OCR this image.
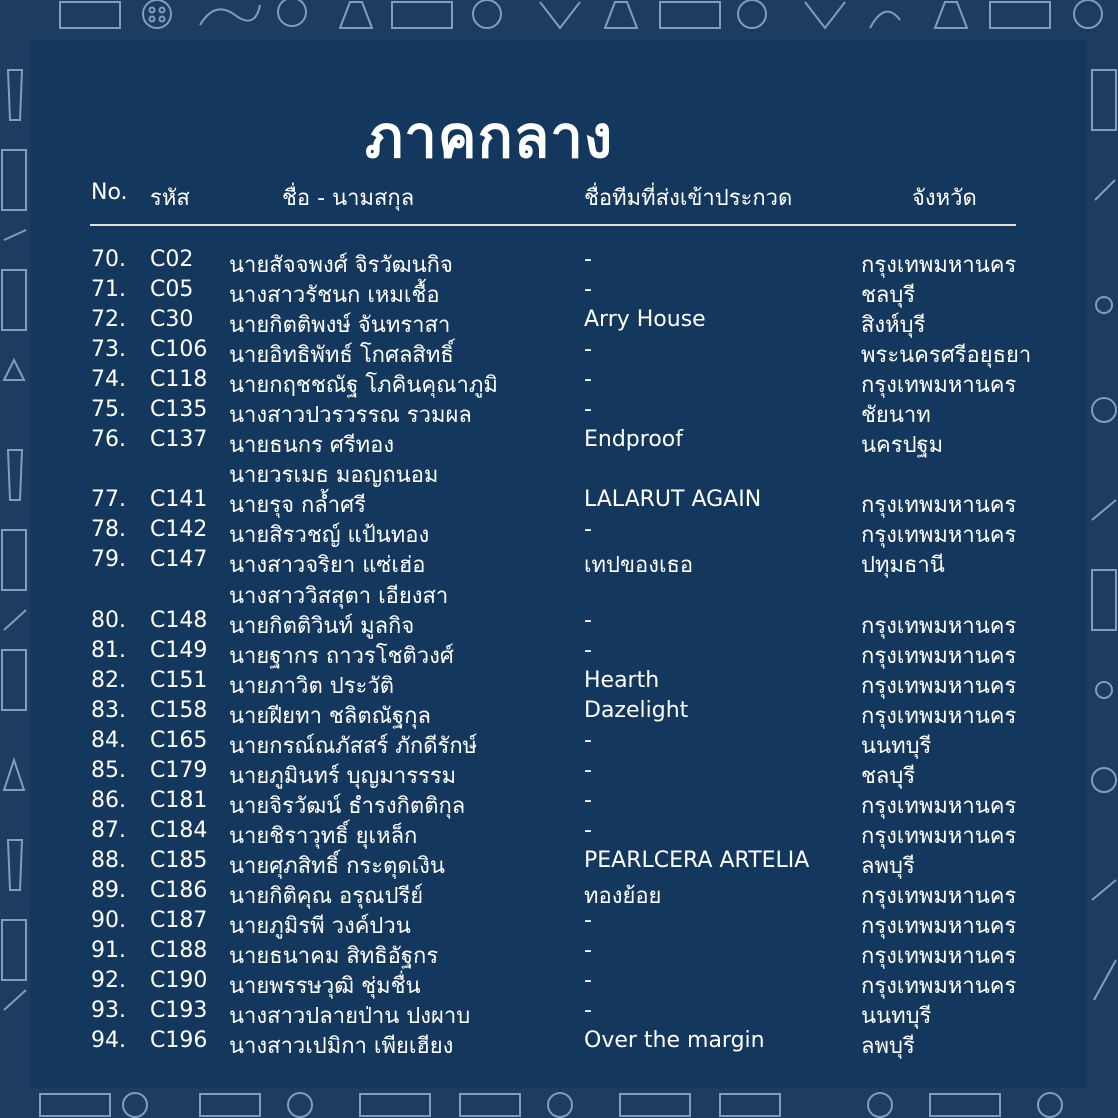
ภาคกลาง
No. รหัส	ชื่อ - นามสกุล	ชื่อทีมที่ส่งเข้าประกวด	จังหวัด
70. C02 นายสัจจพงศ์ จิรวัฒนกิจ	-	กรุงเทพมหานคร
71. C05 นางสาวรัชนก เหมเชื้อ	-	ชลบุรี
72. C30 นายกิตติพงษ์ จันทราสา	Arry House	สิงห์บุรี
73. C106 นายอิทธิพัทธ์ โกศลสิทธิ์	-	พระนครศรีอยุธยา
74. C118 นายกฤชชณัฐ โภคินคุณาภูมิ	-	กรุงเทพมหานคร
75. C135 นางสาวปวรวรรณ รวมผล	-	ชัยนาท
76. C137 นายธนกร ศรีทอง	Endproof	นครปฐม
นายวรเมธ มอญถนอม
77. C141 นายรุจ กล้ำศรี	LALARUT AGAIN	กรุงเทพมหานคร
78. C142 นายสิรวชญ์ แป้นทอง	-	กรุงเทพมหานคร
79. C147 นางสาวจริยา แซ่เฮ่อ	เทปของเธอ	ปทุมธานี
นางสาววิสสุตา เอียงสา
80. C148 นายกิตติวินท์ มูลกิจ	-	กรุงเทพมหานคร
81. C149 นายฐากร ถาวรโชติวงศ์	-	กรุงเทพมหานคร
82. C151 นายภาวิต ประวัติ	Hearth	กรุงเทพมหานคร
83. C158 นายฝียทา ชลิตณัฐกุล	Dazelight	กรุงเทพมหานคร
84. C165 นายกรณ์ณภัสสร์ ภักดีรักษ์	-	นนทบุรี
85. C179 นายภูมินทร์ บุญมารรรม	-	ชลบุรี
86. C181 นายจิรวัฒน์ ธำรงกิตติกุล	-	กรุงเทพมหานคร
87. C184 นายชิราวุทธิ์ ยุเหล็ก	-	กรุงเทพมหานคร
88. C185 นายศุภสิทธิ์ กระตุดเงิน	PEARLCERA ARTELIA ลพบุรี
89. C186 นายกิติคุณ อรุณปรีย์	ทองย้อย	กรุงเทพมหานคร
90. C187 นายภูมิรพี วงค์ปวน	-	กรุงเทพมหานคร
91. C188 นายธนาคม สิทธิอัฐกร	-	กรุงเทพมหานคร
92. C190 นายพรรษวุฒิ ชุ่มชื่น	-	กรุงเทพมหานคร
93. C193 นางสาวปลายป่าน ปงผาบ	-	นนทบุรี
94. C196 นางสาวเปมิกา เพียเฮียง	Over the margin	ลพบุรี
